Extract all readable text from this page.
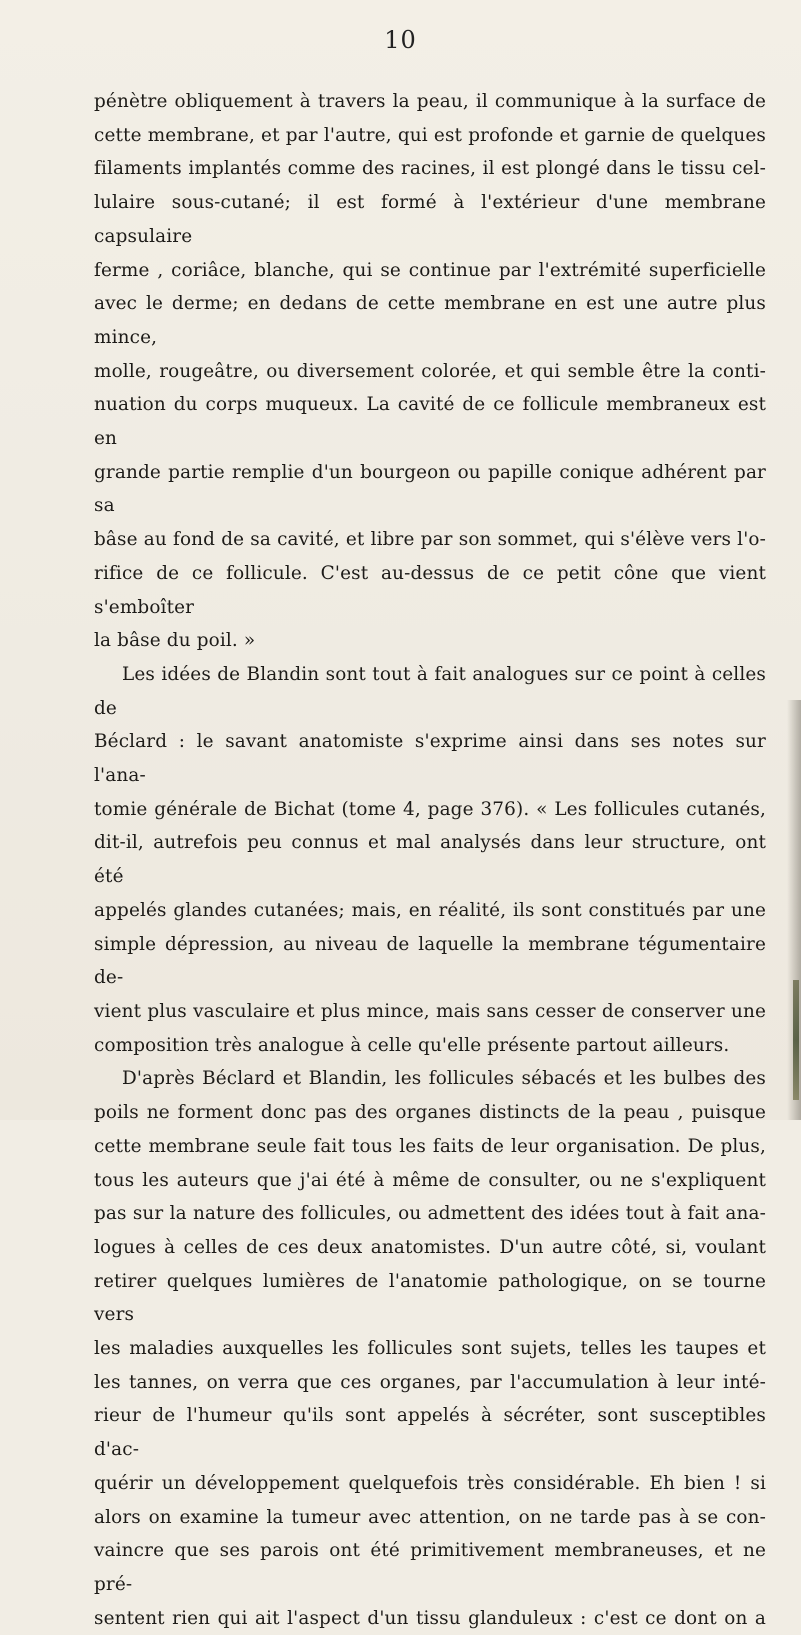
10

pénètre obliquement à travers la peau, il communique à la surface de

cette membrane, et par l'autre, qui est profonde et garnie de quelques

filaments implantés comme des racines, il est plongé dans le tissu cel-

lulaire sous-cutané; il est formé à l'extérieur d'une membrane capsulaire

ferme , coriâce, blanche, qui se continue par l'extrémité superficielle

avec le derme; en dedans de cette membrane en est une autre plus mince,

molle, rougeâtre, ou diversement colorée, et qui semble être la conti-

nuation du corps muqueux. La cavité de ce follicule membraneux est en

grande partie remplie d'un bourgeon ou papille conique adhérent par sa

bâse au fond de sa cavité, et libre par son sommet, qui s'élève vers l'o-

rifice de ce follicule. C'est au-dessus de ce petit cône que vient s'emboîter

la bâse du poil. »

Les idées de Blandin sont tout à fait analogues sur ce point à celles de

Béclard : le savant anatomiste s'exprime ainsi dans ses notes sur l'ana-

tomie générale de Bichat (tome 4, page 376). « Les follicules cutanés,

dit-il, autrefois peu connus et mal analysés dans leur structure, ont été

appelés glandes cutanées; mais, en réalité, ils sont constitués par une

simple dépression, au niveau de laquelle la membrane tégumentaire de-

vient plus vasculaire et plus mince, mais sans cesser de conserver une

composition très analogue à celle qu'elle présente partout ailleurs.

D'après Béclard et Blandin, les follicules sébacés et les bulbes des

poils ne forment donc pas des organes distincts de la peau , puisque

cette membrane seule fait tous les faits de leur organisation. De plus,

tous les auteurs que j'ai été à même de consulter, ou ne s'expliquent

pas sur la nature des follicules, ou admettent des idées tout à fait ana-

logues à celles de ces deux anatomistes. D'un autre côté, si, voulant

retirer quelques lumières de l'anatomie pathologique, on se tourne vers

les maladies auxquelles les follicules sont sujets, telles les taupes et

les tannes, on verra que ces organes, par l'accumulation à leur inté-

rieur de l'humeur qu'ils sont appelés à sécréter, sont susceptibles d'ac-

quérir un développement quelquefois très considérable. Eh bien ! si

alors on examine la tumeur avec attention, on ne tarde pas à se con-

vaincre que ses parois ont été primitivement membraneuses, et ne pré-

sentent rien qui ait l'aspect d'un tissu glanduleux : c'est ce dont on a
